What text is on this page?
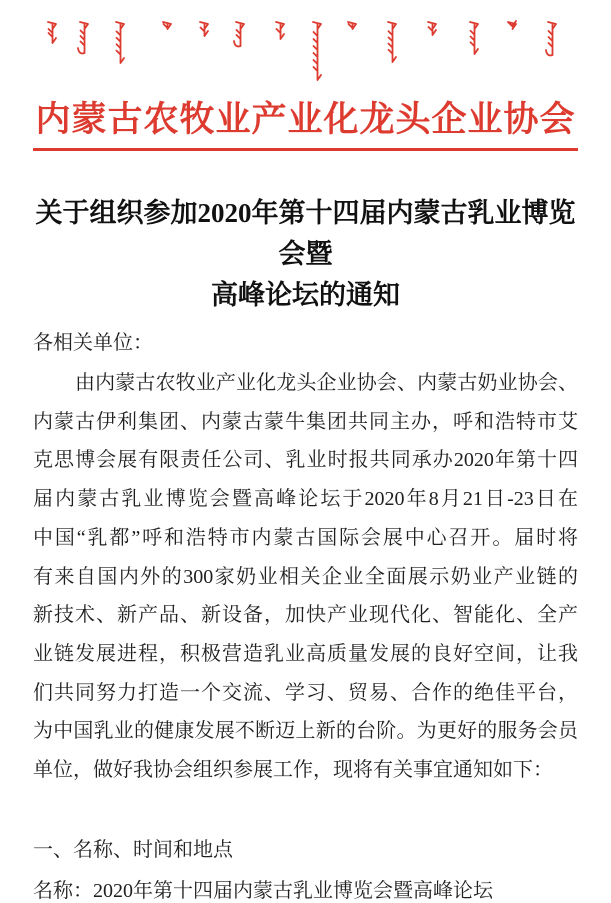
内蒙古农牧业产业化龙头企业协会
关于组织参加2020年第十四届内蒙古乳业博览会暨
高峰论坛的通知
各相关单位：
由内蒙古农牧业产业化龙头企业协会、内蒙古奶业协会、
内蒙古伊利集团、内蒙古蒙牛集团共同主办，呼和浩特市艾
克思博会展有限责任公司、乳业时报共同承办2020年第十四
届内蒙古乳业博览会暨高峰论坛于2020年8月21日-23日在
中国“乳都”呼和浩特市内蒙古国际会展中心召开。届时将
有来自国内外的300家奶业相关企业全面展示奶业产业链的
新技术、新产品、新设备，加快产业现代化、智能化、全产
业链发展进程，积极营造乳业高质量发展的良好空间，让我
们共同努力打造一个交流、学习、贸易、合作的绝佳平台，
为中国乳业的健康发展不断迈上新的台阶。为更好的服务会员
单位，做好我协会组织参展工作，现将有关事宜通知如下：
一、名称、时间和地点
名称：2020年第十四届内蒙古乳业博览会暨高峰论坛
